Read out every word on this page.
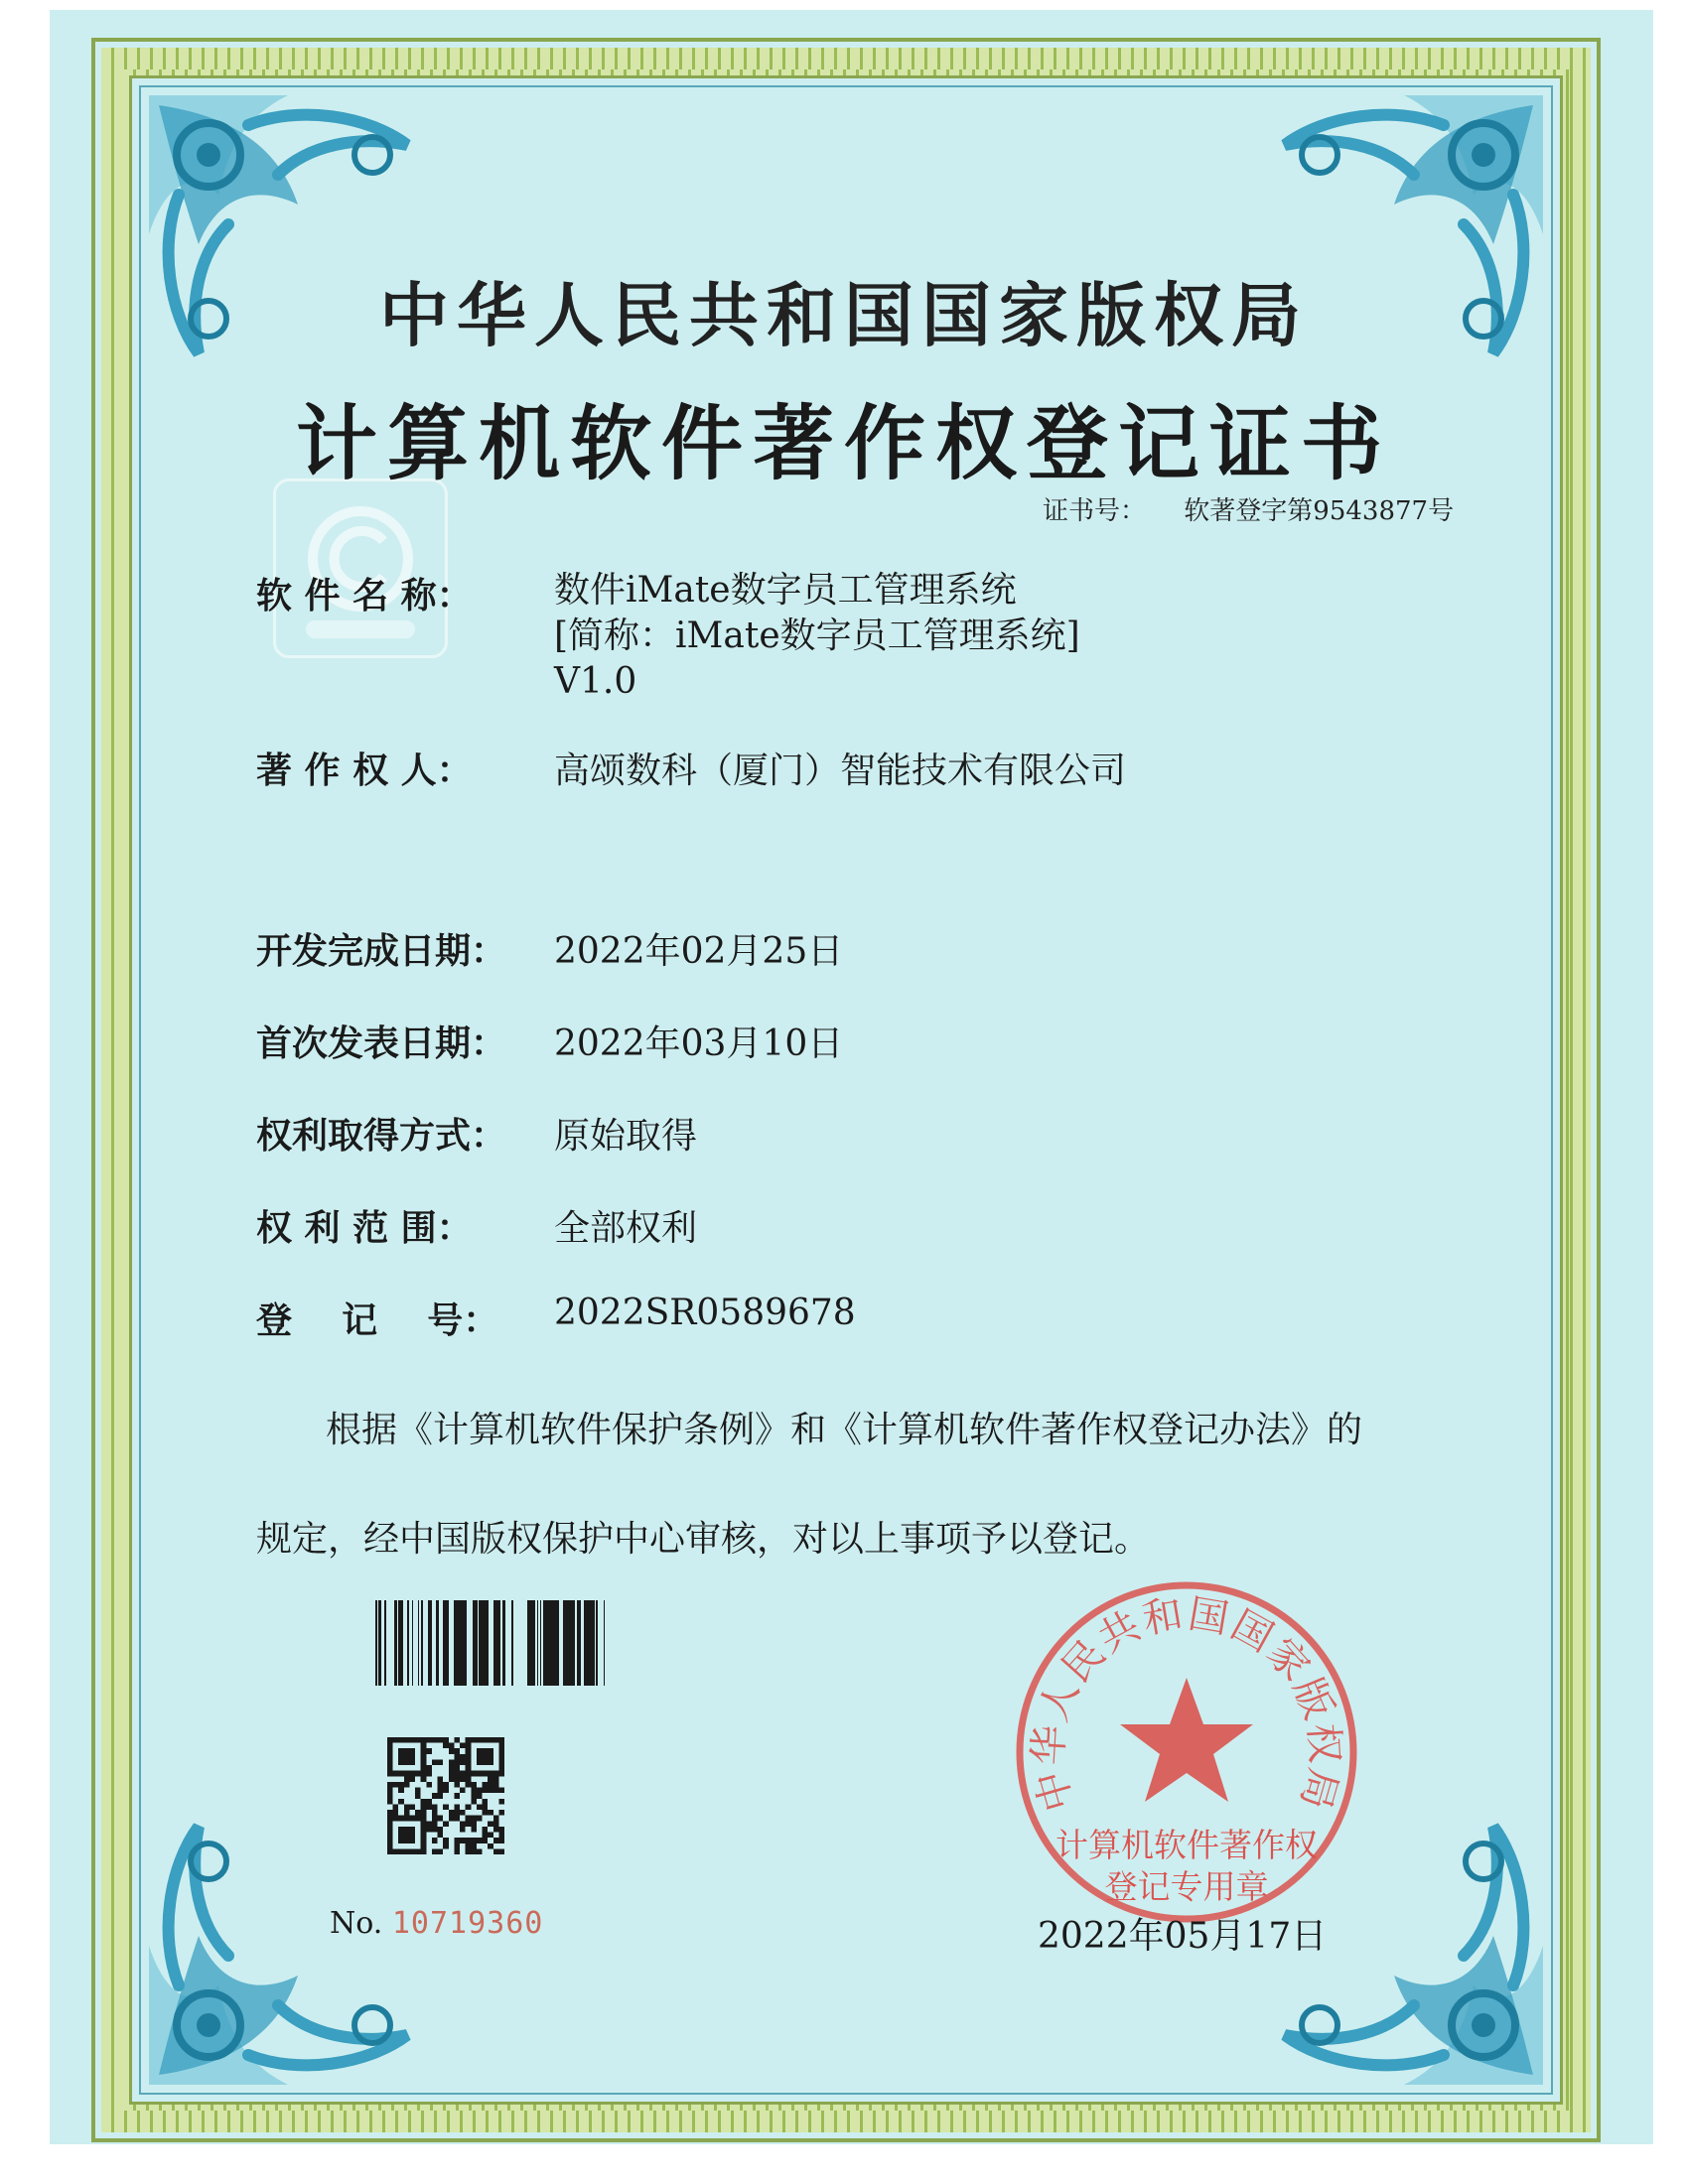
中华人民共和国国家版权局
计算机软件著作权登记证书
证书号： 软著登字第9543877号
软 件 名 称：	数件iMate数字员工管理系统
[简称：iMate数字员工管理系统]
V1.0
著 作 权 人：	高颂数科（厦门）智能技术有限公司
开发完成日期：	2022年02月25日
首次发表日期：	2022年03月10日
权利取得方式：	原始取得
权 利 范 围：	全部权利
登    记    号：	2022SR0589678
根据《计算机软件保护条例》和《计算机软件著作权登记办法》的
规定，经中国版权保护中心审核，对以上事项予以登记。
No. 10719360
中华人民共和国国家版权局
计算机软件著作权
登记专用章
2022年05月17日
